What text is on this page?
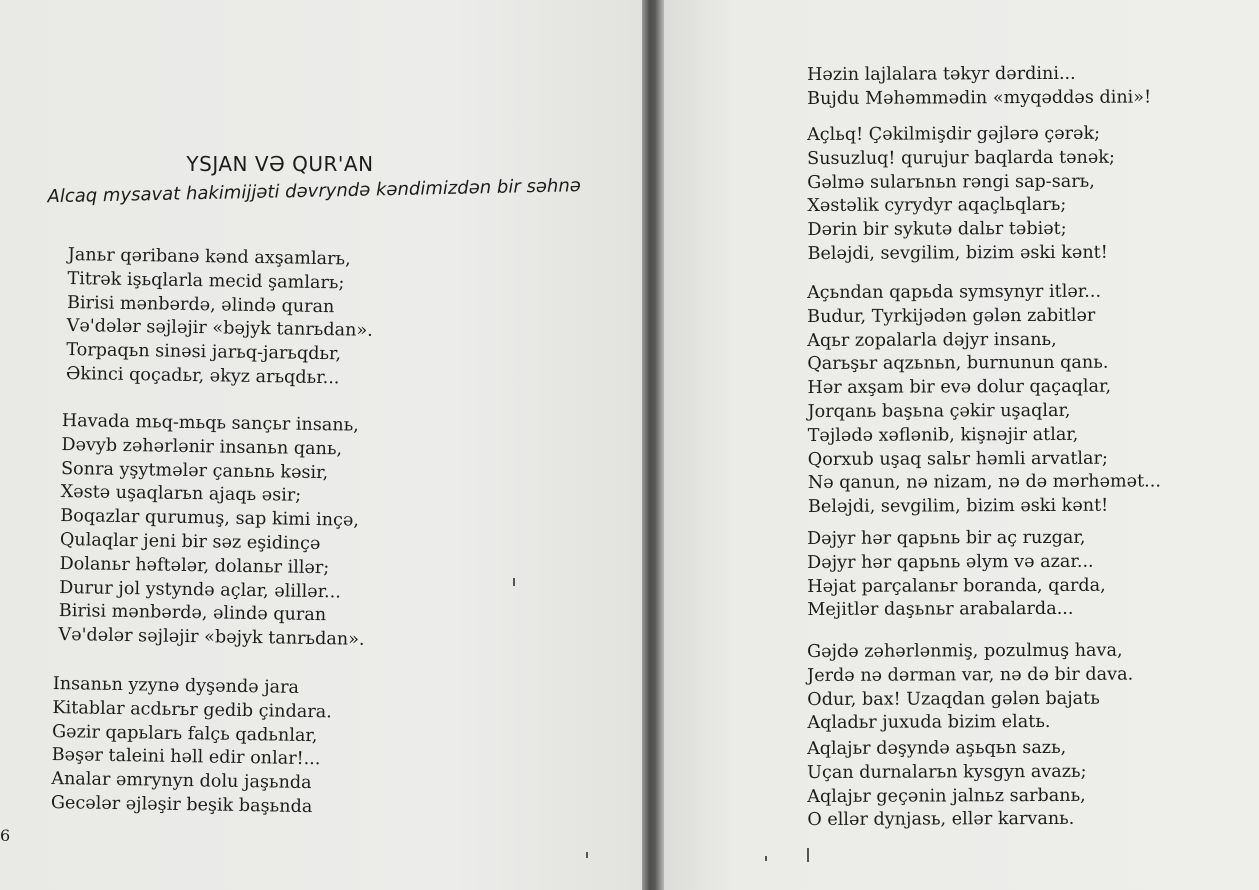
YSJAN VƏ QUR'AN
Alcaq mysavat hakimijjəti dəvryndə kəndimizdən bir səhnə
Janьr qəribanə kənd axşamlarь,
Titrək işьqlarla mecid şamlarь;
Birisi mənbərdə, əlində quran
Və'dələr səjləjir «bəjyk tanrьdan».
Torpaqьn sinəsi jarьq-jarьqdьr,
Əkinci qoçadьr, əkyz arьqdьr...
Havada mьq-mьqь sançьr insanь,
Dəvyb zəhərlənir insanьn qanь,
Sonra yşytmələr çanьnь kəsir,
Xəstə uşaqlarьn ajaqь əsir;
Boqazlar qurumuş, sap kimi inçə,
Qulaqlar jeni bir səz eşidinçə
Dolanьr həftələr, dolanьr illər;
Durur jol ystyndə açlar, əlillər...
Birisi mənbərdə, əlində quran
Və'dələr səjləjir «bəjyk tanrьdan».
Insanьn yzynə dyşəndə jara
Kitablar acdьrьr gedib çindara.
Gəzir qapьlarь falçь qadьnlar,
Bəşər taleini həll edir onlar!...
Analar əmrynyn dolu jaşьnda
Gecələr əjləşir beşik başьnda
6
Həzin lajlalara təkyr dərdini...
Bujdu Məhəmmədin «myqəddəs dini»!
Açlьq! Çəkilmişdir gəjlərə çərək;
Susuzluq! qurujur baqlarda tənək;
Gəlmə sularьnьn rəngi sap-sarь,
Xəstəlik cyrydyr aqaçlьqlarь;
Dərin bir sykutə dalьr təbiət;
Beləjdi, sevgilim, bizim əski kənt!
Açьndan qapьda symsynyr itlər...
Budur, Tyrkijədən gələn zabitlər
Aqьr zopalarla dəjyr insanь,
Qarьşьr aqzьnьn, burnunun qanь.
Hər axşam bir evə dolur qaçaqlar,
Jorqanь başьna çəkir uşaqlar,
Təjlədə xəflənib, kişnəjir atlar,
Qorxub uşaq salьr həmli arvatlar;
Nə qanun, nə nizam, nə də mərhəmət...
Beləjdi, sevgilim, bizim əski kənt!
Dəjyr hər qapьnь bir aç ruzgar,
Dəjyr hər qapьnь əlym və azar...
Həjat parçalanьr boranda, qarda,
Mejitlər daşьnьr arabalarda...
Gəjdə zəhərlənmiş, pozulmuş hava,
Jerdə nə dərman var, nə də bir dava.
Odur, bax! Uzaqdan gələn bajatь
Aqladьr juxuda bizim elatь.
Aqlajьr dəşyndə aşьqьn sazь,
Uçan durnalarьn kysgyn avazь;
Aqlajьr geçənin jalnьz sarbanь,
O ellər dynjasь, ellər karvanь.
